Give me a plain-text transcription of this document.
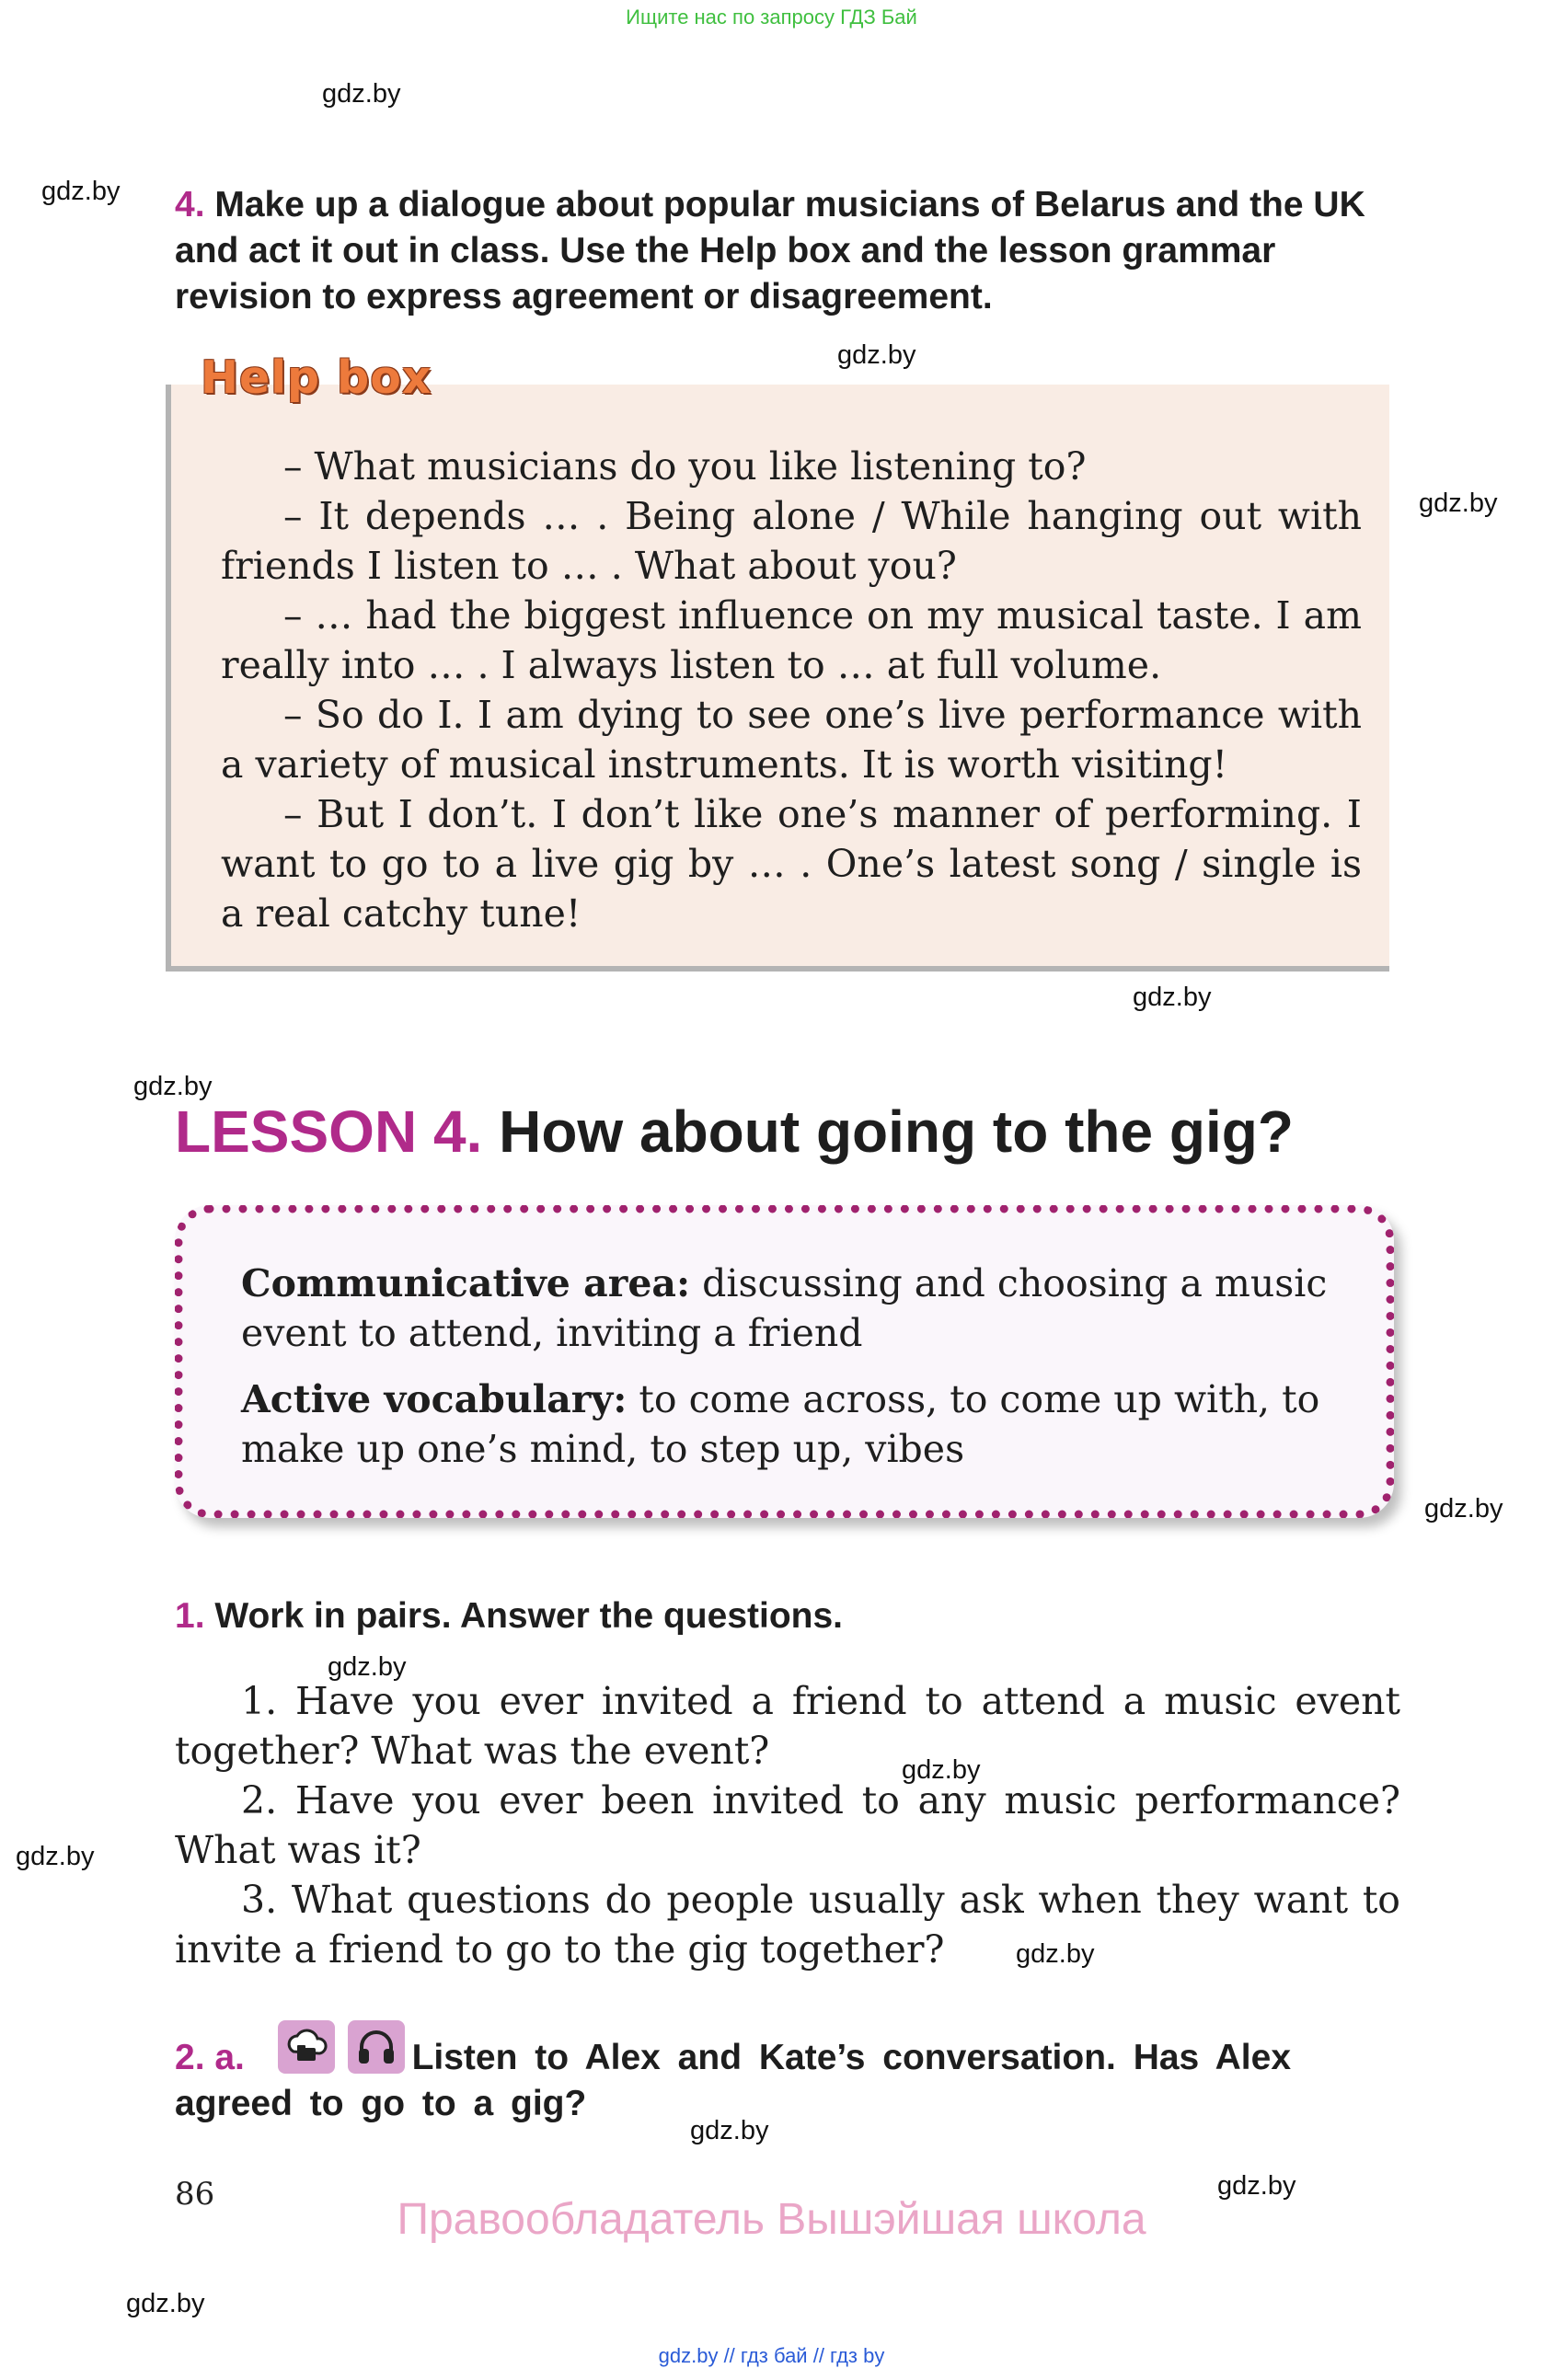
Ищите нас по запросу ГДЗ Бай
gdz.by
gdz.by
gdz.by
gdz.by
gdz.by
gdz.by
gdz.by
gdz.by
gdz.by
gdz.by
gdz.by
gdz.by
gdz.by
gdz.by
4. Make up a dialogue about popular musicians of Belarus and the UK and act it out in class. Use the Help box and the lesson grammar revision to express agreement or disagreement.
Help box

– What musicians do you like listening to?

– It depends … . Being alone / While hanging out with friends I listen to … . What about you?

– … had the biggest influence on my musical taste. I am really into … . I always listen to … at full volume.

– So do I. I am dying to see one’s live performance with a variety of musical instruments. It is worth visiting!

– But I don’t. I don’t like one’s manner of performing. I want to go to a live gig by … . One’s latest song / single is a real catchy tune!

LESSON 4. How about going to the gig?

Communicative area: discussing and choosing a music event to attend, inviting a friend

Active vocabulary: to come across, to come up with, to make up one’s mind, to step up, vibes

1. Work in pairs. Answer the questions.

1. Have you ever invited a friend to attend a music event together? What was the event?

2. Have you ever been invited to any music performance? What was it?

3. What questions do people usually ask when they want to invite a friend to go to the gig together?

2. a.	Listen to Alex and Kate’s conversation. Has Alex agreed to go to a gig?
86
Правообладатель Вышэйшая школа
gdz.by // гдз бай // гдз by
